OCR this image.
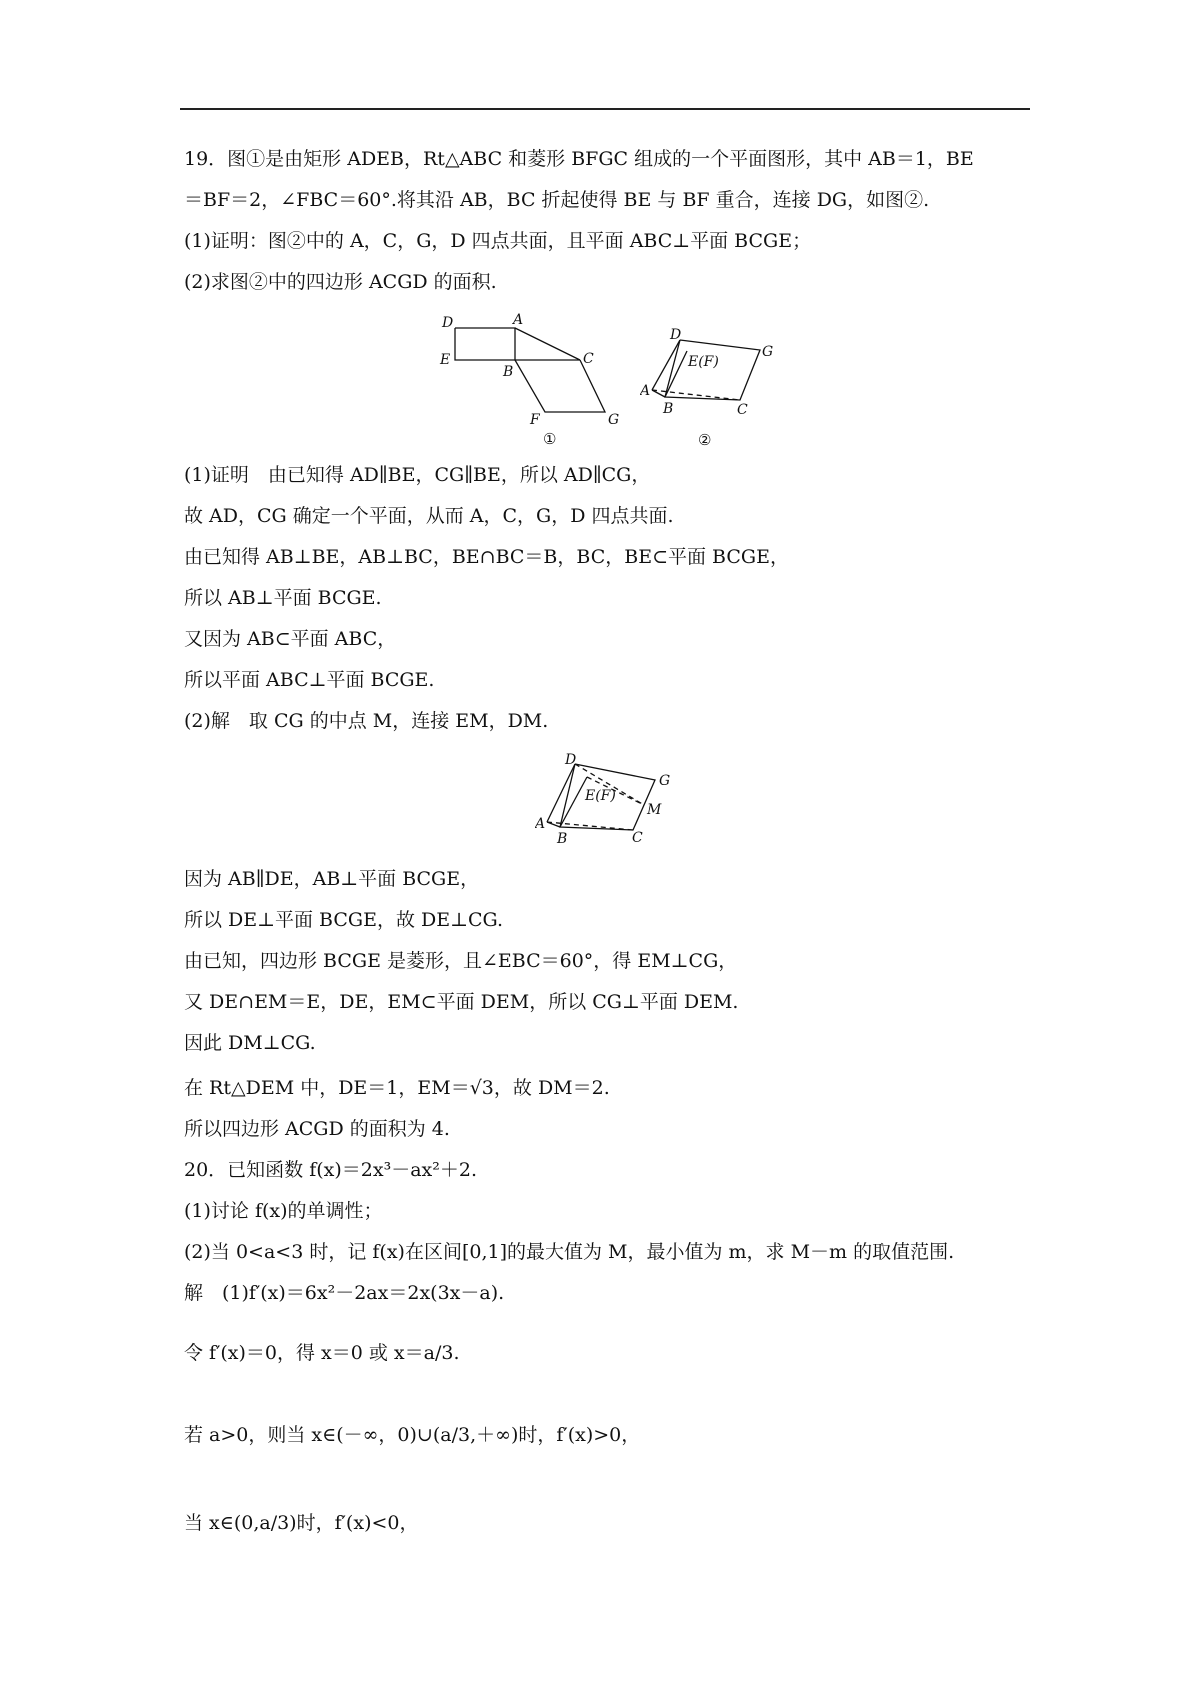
19．图①是由矩形 ADEB，Rt△ABC 和菱形 BFGC 组成的一个平面图形，其中 AB＝1，BE
＝BF＝2，∠FBC＝60°.将其沿 AB，BC 折起使得 BE 与 BF 重合，连接 DG，如图②.
(1)证明：图②中的 A，C，G，D 四点共面，且平面 ABC⊥平面 BCGE；
(2)求图②中的四边形 ACGD 的面积.
D	A
E
B
C
F	G
①
D
E(F)
G
A
B	C
②
(1)证明　由已知得 AD∥BE，CG∥BE，所以 AD∥CG，
故 AD，CG 确定一个平面，从而 A，C，G，D 四点共面.
由已知得 AB⊥BE，AB⊥BC，BE∩BC＝B，BC，BE⊂平面 BCGE，
所以 AB⊥平面 BCGE.
又因为 AB⊂平面 ABC，
所以平面 ABC⊥平面 BCGE.
(2)解　取 CG 的中点 M，连接 EM，DM.
D
G
E(F)
M
A
B	C
因为 AB∥DE，AB⊥平面 BCGE，
所以 DE⊥平面 BCGE，故 DE⊥CG.
由已知，四边形 BCGE 是菱形，且∠EBC＝60°，得 EM⊥CG，
又 DE∩EM＝E，DE，EM⊂平面 DEM，所以 CG⊥平面 DEM.
因此 DM⊥CG.
在 Rt△DEM 中，DE＝1，EM＝√3，故 DM＝2.
所以四边形 ACGD 的面积为 4.
20．已知函数 f(x)＝2x³－ax²＋2.
(1)讨论 f(x)的单调性；
(2)当 0<a<3 时，记 f(x)在区间[0,1]的最大值为 M，最小值为 m，求 M－m 的取值范围.
解　(1)f′(x)＝6x²－2ax＝2x(3x－a).
令 f′(x)＝0，得 x＝0 或 x＝a/3.
若 a>0，则当 x∈(－∞，0)∪(a/3,＋∞)时，f′(x)>0，
当 x∈(0,a/3)时，f′(x)<0，
